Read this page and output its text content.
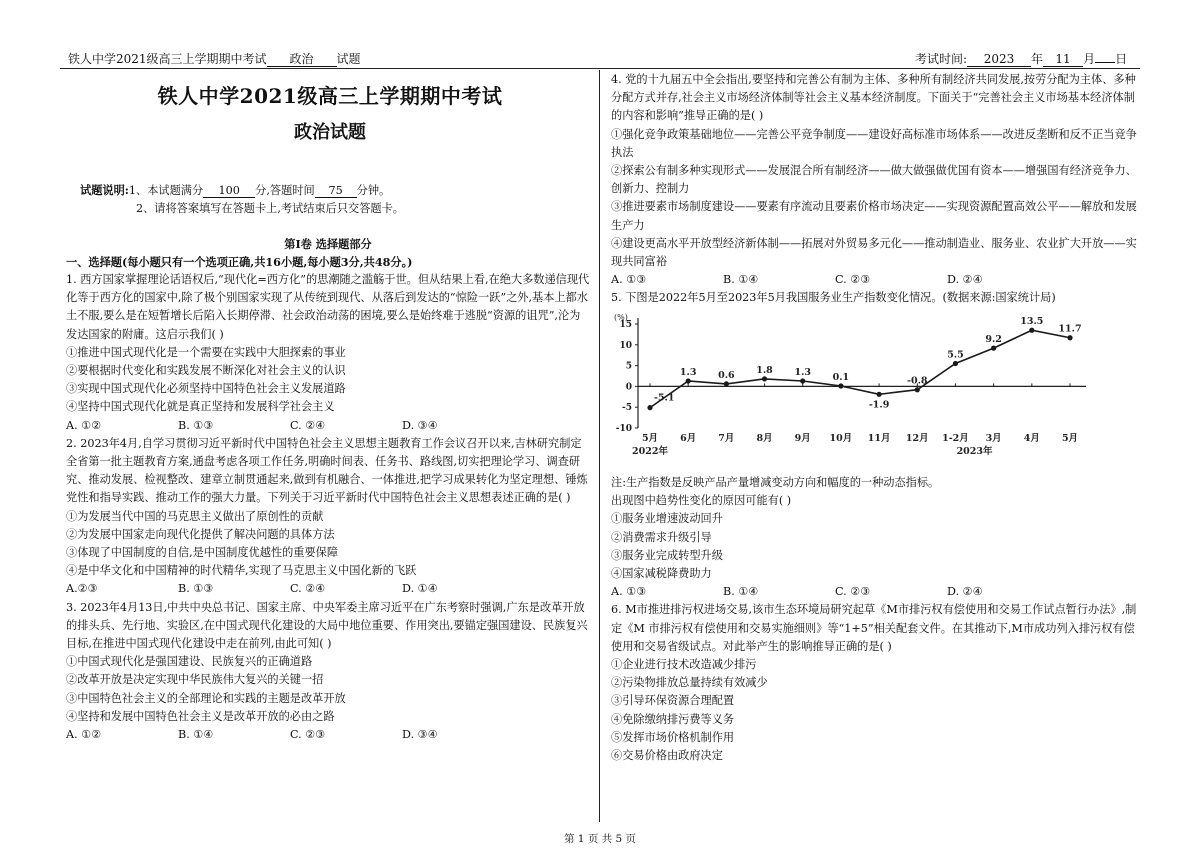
铁人中学2021级高三上学期期中考试 政治 试题	考试时间: 2023 年 11 月 日
铁人中学2021级高三上学期期中考试
政治试题

试题说明:1、本试题满分 100 分,答题时间 75 分钟。

2、请将答案填写在答题卡上,考试结束后只交答题卡。

第Ⅰ卷 选择题部分

一、选择题(每小题只有一个选项正确,共16小题,每小题3分,共48分。)

1. 西方国家掌握理论话语权后,“现代化=西方化”的思潮随之滥觞于世。但从结果上看,在绝大多数递信现代化等于西方化的国家中,除了极个别国家实现了从传统到现代、从落后到发达的“惊险一跃”之外,基本上都水土不服,要么是在短暂增长后陷入长期停滞、社会政治动荡的困境,要么是始终难于逃脱“资源的诅咒”,沦为发达国家的附庸。这启示我们( )

①推进中国式现代化是一个需要在实践中大胆探索的事业

②要根据时代变化和实践发展不断深化对社会主义的认识

③实现中国式现代化必须坚持中国特色社会主义发展道路

④坚持中国式现代化就是真正坚持和发展科学社会主义

A. ①②	B. ①③	C. ②④	D. ③④

2. 2023年4月,自学习贯彻习近平新时代中国特色社会主义思想主题教育工作会议召开以来,吉林研究制定全省第一批主题教育方案,通盘考虑各项工作任务,明确时间表、任务书、路线图,切实把理论学习、调查研究、推动发展、检视整改、建章立制贯通起来,做到有机融合、一体推进,把学习成果转化为坚定理想、锤炼党性和指导实践、推动工作的强大力量。下列关于习近平新时代中国特色社会主义思想表述正确的是( )

①为发展当代中国的马克思主义做出了原创性的贡献

②为发展中国家走向现代化提供了解决问题的具体方法

③体现了中国制度的自信,是中国制度优越性的重要保障

④是中华文化和中国精神的时代精华,实现了马克思主义中国化新的飞跃

A.②③	B. ①③	C. ②④	D. ①④

3. 2023年4月13日,中共中央总书记、国家主席、中央军委主席习近平在广东考察时强调,广东是改革开放的排头兵、先行地、实验区,在中国式现代化建设的大局中地位重要、作用突出,要锚定强国建设、民族复兴目标,在推进中国式现代化建设中走在前列,由此可知( )

①中国式现代化是强国建设、民族复兴的正确道路

②改革开放是决定实现中华民族伟大复兴的关键一招

③中国特色社会主义的全部理论和实践的主题是改革开放

④坚持和发展中国特色社会主义是改革开放的必由之路

A. ①②	B. ①④	C. ②③	D. ③④

4. 党的十九届五中全会指出,要坚持和完善公有制为主体、多种所有制经济共同发展,按劳分配为主体、多种分配方式并存,社会主义市场经济体制等社会主义基本经济制度。下面关于“完善社会主义市场基本经济体制的内容和影响”推导正确的是( )

①强化竞争政策基础地位——完善公平竞争制度——建设好高标准市场体系——改进反垄断和反不正当竞争执法

②探索公有制多种实现形式——发展混合所有制经济——做大做强做优国有资本——增强国有经济竞争力、创新力、控制力

③推进要素市场制度建设——要素有序流动且要素价格市场决定——实现资源配置高效公平——解放和发展生产力

④建设更高水平开放型经济新体制——拓展对外贸易多元化——推动制造业、服务业、农业扩大开放——实现共同富裕

A. ①③	B. ①④	C. ②③	D. ②④

5. 下图是2022年5月至2023年5月我国服务业生产指数变化情况。(数据来源:国家统计局)

(%)
15
10
5
0
-5
-10
5月 6月 7月 8月 9月 10月 11月 12月 1-2月 3月 4月 5月
2022年	2023年
-5.1
1.3 0.6 1.8 1.3 0.1
-1.9
-0.8
5.5
9.2
13.5
11.7

注:生产指数是反映产品产量增减变动方向和幅度的一种动态指标。

出现图中趋势性变化的原因可能有( )

①服务业增速波动回升

②消费需求升级引导

③服务业完成转型升级

④国家减税降费助力

A. ①③	B. ①④	C. ②③	D. ②④

6. M市推进排污权进场交易,该市生态环境局研究起草《M市排污权有偿使用和交易工作试点暂行办法》,制定《M 市排污权有偿使用和交易实施细则》等“1+5”相关配套文件。在其推动下,M市成功列入排污权有偿使用和交易省级试点。对此举产生的影响推导正确的是( )

①企业进行技术改造减少排污

②污染物排放总量持续有效减少

③引导环保资源合理配置

④免除缴纳排污费等义务

⑤发挥市场价格机制作用

⑥交易价格由政府决定

第 1 页 共 5 页
